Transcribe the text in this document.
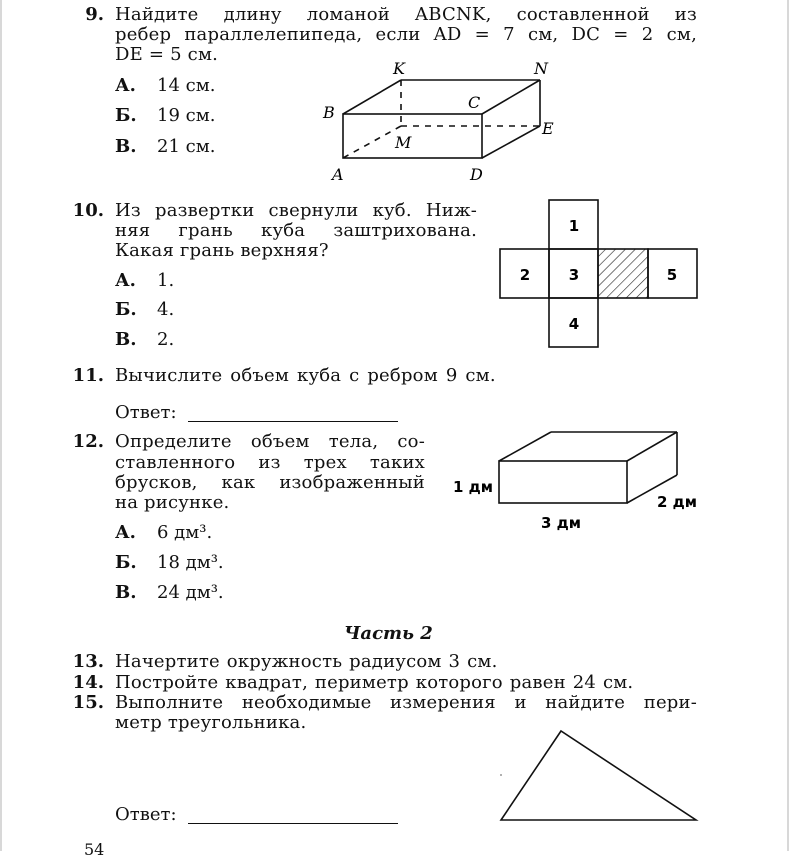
9. Найдите длину ломаной ABCNK, составленной из
ребер параллелепипеда, если AD = 7 см, DC = 2 см,
DE = 5 см.
А. 14 см.
Б. 19 см.
В. 21 см.
K	N
B
C
E
M
A	D
10. Из развертки свернули куб. Ниж-
няя грань куба заштрихована.
Какая грань верхняя?
А. 1.
Б. 4.
В. 2.
1
2	3	5
4
11. Вычислите объем куба с ребром 9 см.
Ответ:
12. Определите объем тела, со-
ставленного из трех таких
брусков, как изображенный
на рисунке.
А. 6 дм³.
Б. 18 дм³.
В. 24 дм³.
1 дм
2 дм
3 дм
Часть 2
13. Начертите окружность радиусом 3 см.
14. Постройте квадрат, периметр которого равен 24 см.
15. Выполните необходимые измерения и найдите пери-
метр треугольника.
Ответ:
54
